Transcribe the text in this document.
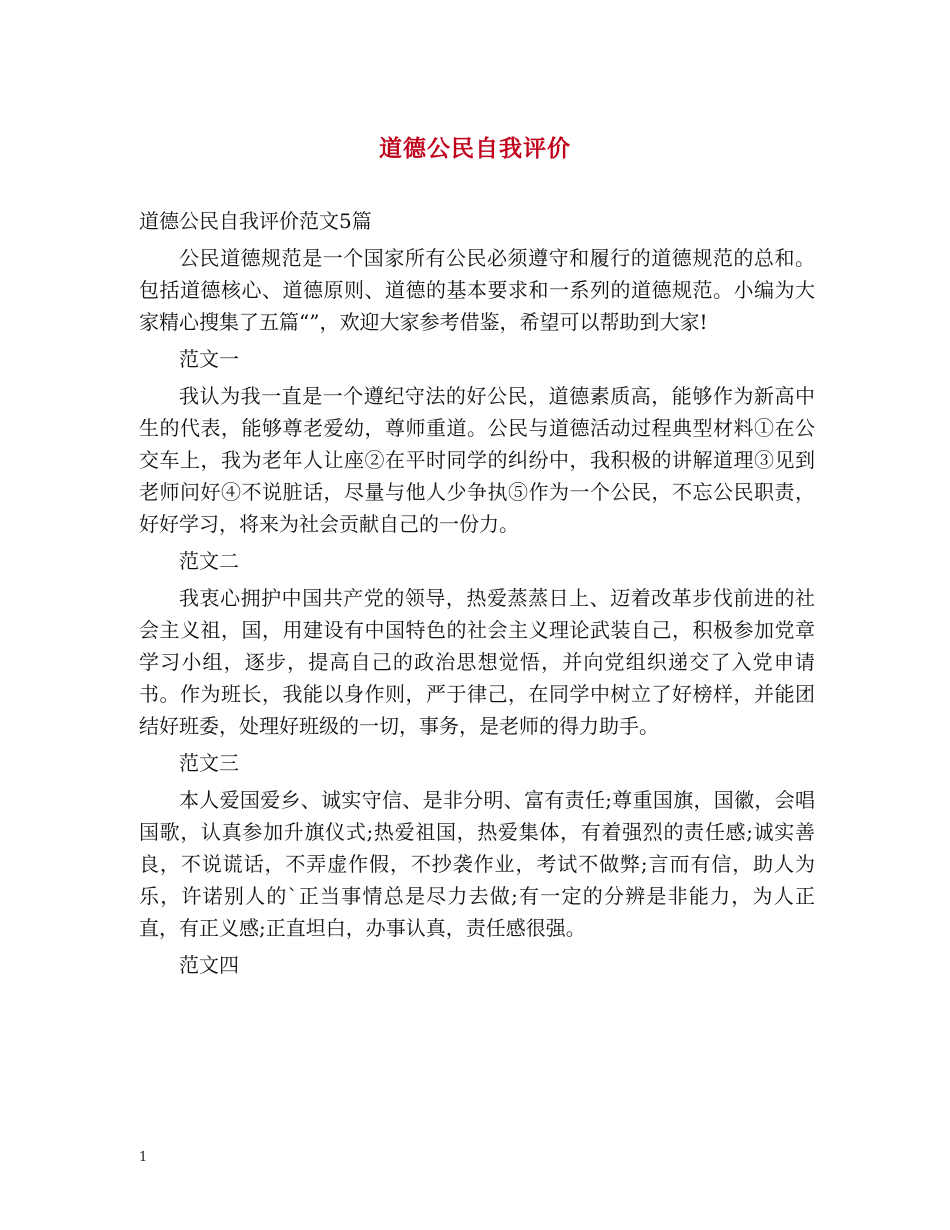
道德公民自我评价

道德公民自我评价范文5篇

公民道德规范是一个国家所有公民必须遵守和履行的道德规范的总和。包括道德核心、道德原则、道德的基本要求和一系列的道德规范。小编为大家精心搜集了五篇“”，欢迎大家参考借鉴，希望可以帮助到大家!

范文一

我认为我一直是一个遵纪守法的好公民，道德素质高，能够作为新高中生的代表，能够尊老爱幼，尊师重道。公民与道德活动过程典型材料①在公交车上，我为老年人让座②在平时同学的纠纷中，我积极的讲解道理③见到老师问好④不说脏话，尽量与他人少争执⑤作为一个公民，不忘公民职责，好好学习，将来为社会贡献自己的一份力。

范文二

我衷心拥护中国共产党的领导，热爱蒸蒸日上、迈着改革步伐前进的社会主义祖，国，用建设有中国特色的社会主义理论武装自己，积极参加党章学习小组，逐步，提高自己的政治思想觉悟，并向党组织递交了入党申请书。作为班长，我能以身作则，严于律己，在同学中树立了好榜样，并能团结好班委，处理好班级的一切，事务，是老师的得力助手。

范文三

本人爱国爱乡、诚实守信、是非分明、富有责任;尊重国旗，国徽，会唱国歌，认真参加升旗仪式;热爱祖国，热爱集体，有着强烈的责任感;诚实善良，不说谎话，不弄虚作假，不抄袭作业，考试不做弊;言而有信，助人为乐，许诺别人的`正当事情总是尽力去做;有一定的分辨是非能力，为人正直，有正义感;正直坦白，办事认真，责任感很强。

范文四

1
